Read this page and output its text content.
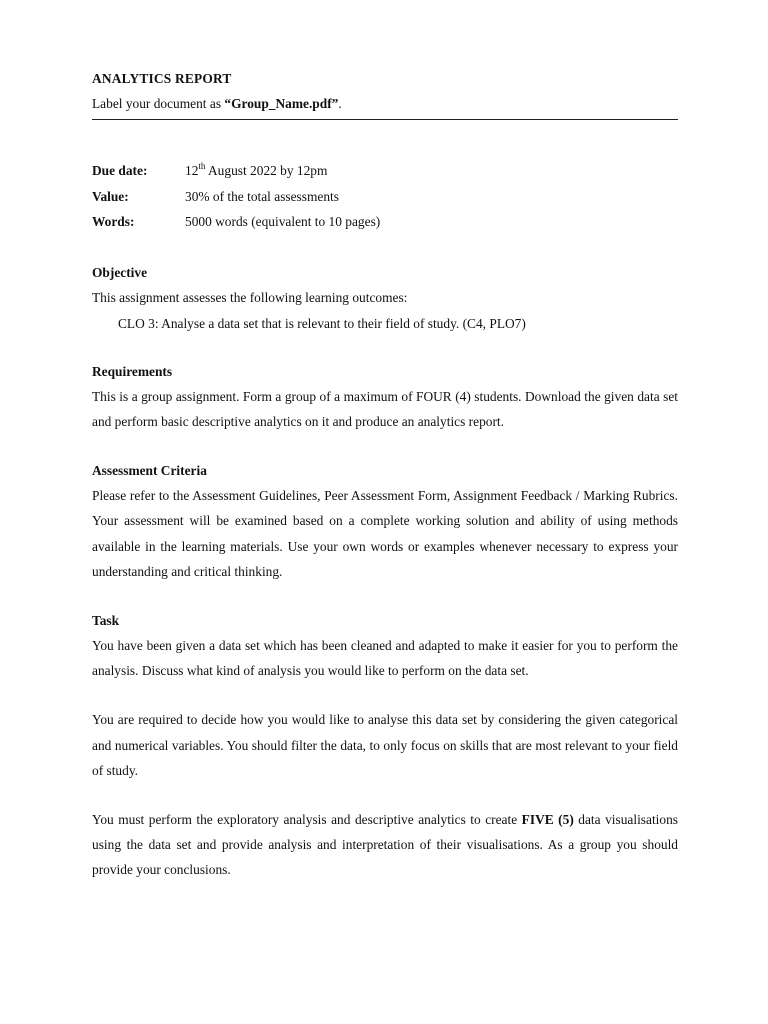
ANALYTICS REPORT
Label your document as “Group_Name.pdf”.
Due date:	12th August 2022 by 12pm
Value:	30% of the total assessments
Words:	5000 words (equivalent to 10 pages)
Objective

This assignment assesses the following learning outcomes:

CLO 3: Analyse a data set that is relevant to their field of study. (C4, PLO7)
Requirements

This is a group assignment. Form a group of a maximum of FOUR (4) students. Download the given data set and perform basic descriptive analytics on it and produce an analytics report.

Assessment Criteria

Please refer to the Assessment Guidelines, Peer Assessment Form, Assignment Feedback / Marking Rubrics. Your assessment will be examined based on a complete working solution and ability of using methods available in the learning materials. Use your own words or examples whenever necessary to express your understanding and critical thinking.

Task

You have been given a data set which has been cleaned and adapted to make it easier for you to perform the analysis. Discuss what kind of analysis you would like to perform on the data set.

You are required to decide how you would like to analyse this data set by considering the given categorical and numerical variables. You should filter the data, to only focus on skills that are most relevant to your field of study.

You must perform the exploratory analysis and descriptive analytics to create FIVE (5) data visualisations using the data set and provide analysis and interpretation of their visualisations. As a group you should provide your conclusions.
